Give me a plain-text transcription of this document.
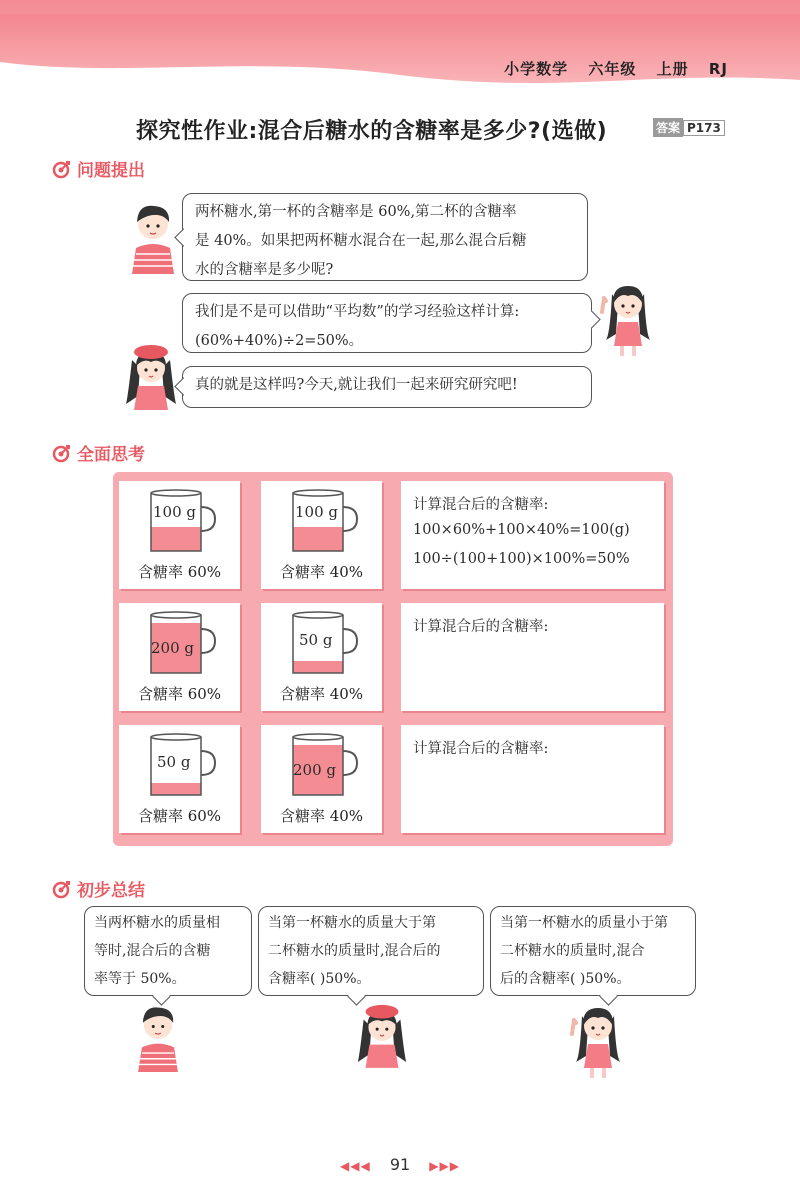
小学数学 六年级 上册 RJ
探究性作业:混合后糖水的含糖率是多少?(选做)	答案 P173
问题提出
两杯糖水,第一杯的含糖率是 60%,第二杯的含糖率
是 40%。如果把两杯糖水混合在一起,那么混合后糖
水的含糖率是多少呢?
我们是不是可以借助“平均数”的学习经验这样计算:
(60%+40%)÷2=50%。
真的就是这样吗?今天,就让我们一起来研究研究吧!
全面思考
100 g
含糖率 60%
100 g
含糖率 40%
计算混合后的含糖率:
100×60%+100×40%=100(g)
100÷(100+100)×100%=50%
200 g
含糖率 60%
50 g
含糖率 40%
计算混合后的含糖率:
50 g
含糖率 60%
200 g
含糖率 40%
计算混合后的含糖率:
初步总结
当两杯糖水的质量相
等时,混合后的含糖
率等于 50%。
当第一杯糖水的质量大于第
二杯糖水的质量时,混合后的
含糖率( )50%。
当第一杯糖水的质量小于第
二杯糖水的质量时,混合
后的含糖率( )50%。
◀◀◀ 91 ▶▶▶
